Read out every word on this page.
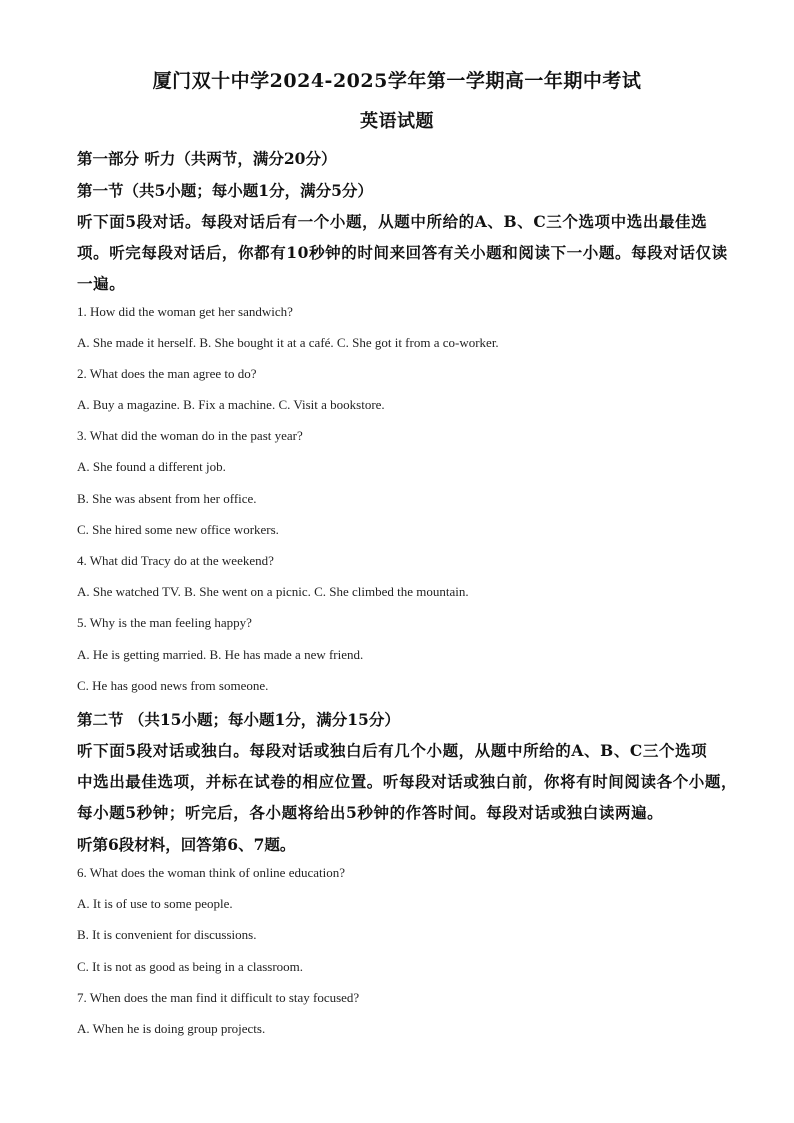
厦门双十中学2024-2025学年第一学期高一年期中考试
英语试题
第一部分 听力（共两节，满分20分）
第一节（共5小题；每小题1分，满分5分）
听下面5段对话。每段对话后有一个小题，从题中所给的A、B、C三个选项中选出最佳选
项。听完每段对话后，你都有10秒钟的时间来回答有关小题和阅读下一小题。每段对话仅读
一遍。
1. How did the woman get her sandwich?
A. She made it herself. B. She bought it at a café. C. She got it from a co-worker.
2. What does the man agree to do?
A. Buy a magazine. B. Fix a machine. C. Visit a bookstore.
3. What did the woman do in the past year?
A. She found a different job.
B. She was absent from her office.
C. She hired some new office workers.
4. What did Tracy do at the weekend?
A. She watched TV. B. She went on a picnic. C. She climbed the mountain.
5. Why is the man feeling happy?
A. He is getting married. B. He has made a new friend.
C. He has good news from someone.
第二节 （共15小题；每小题1分，满分15分）
听下面5段对话或独白。每段对话或独白后有几个小题，从题中所给的A、B、C三个选项
中选出最佳选项，并标在试卷的相应位置。听每段对话或独白前，你将有时间阅读各个小题，
每小题5秒钟；听完后，各小题将给出5秒钟的作答时间。每段对话或独白读两遍。
听第6段材料，回答第6、7题。
6. What does the woman think of online education?
A. It is of use to some people.
B. It is convenient for discussions.
C. It is not as good as being in a classroom.
7. When does the man find it difficult to stay focused?
A. When he is doing group projects.
